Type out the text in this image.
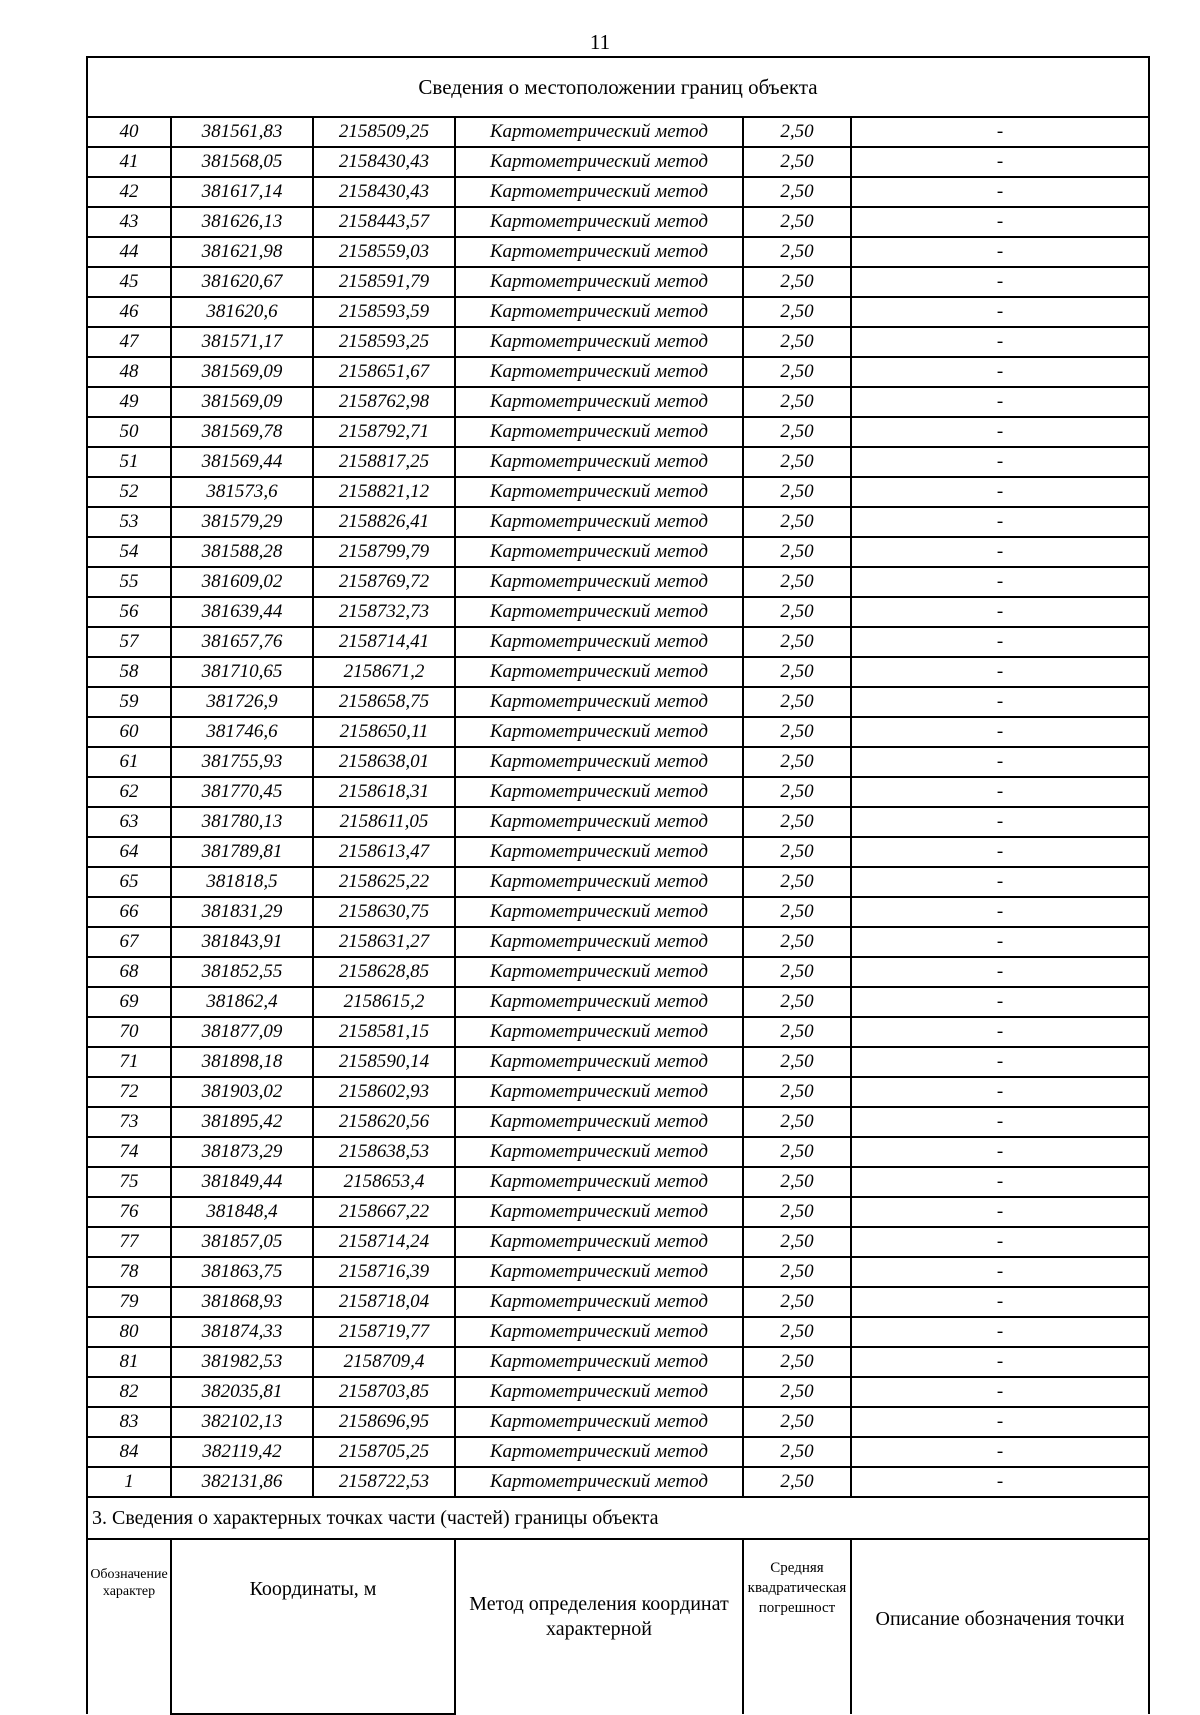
11
Сведения о местоположении границ объекта					
40	381561,83	2158509,25	Картометрический метод	2,50	-
41	381568,05	2158430,43	Картометрический метод	2,50	-
42	381617,14	2158430,43	Картометрический метод	2,50	-
43	381626,13	2158443,57	Картометрический метод	2,50	-
44	381621,98	2158559,03	Картометрический метод	2,50	-
45	381620,67	2158591,79	Картометрический метод	2,50	-
46	381620,6	2158593,59	Картометрический метод	2,50	-
47	381571,17	2158593,25	Картометрический метод	2,50	-
48	381569,09	2158651,67	Картометрический метод	2,50	-
49	381569,09	2158762,98	Картометрический метод	2,50	-
50	381569,78	2158792,71	Картометрический метод	2,50	-
51	381569,44	2158817,25	Картометрический метод	2,50	-
52	381573,6	2158821,12	Картометрический метод	2,50	-
53	381579,29	2158826,41	Картометрический метод	2,50	-
54	381588,28	2158799,79	Картометрический метод	2,50	-
55	381609,02	2158769,72	Картометрический метод	2,50	-
56	381639,44	2158732,73	Картометрический метод	2,50	-
57	381657,76	2158714,41	Картометрический метод	2,50	-
58	381710,65	2158671,2	Картометрический метод	2,50	-
59	381726,9	2158658,75	Картометрический метод	2,50	-
60	381746,6	2158650,11	Картометрический метод	2,50	-
61	381755,93	2158638,01	Картометрический метод	2,50	-
62	381770,45	2158618,31	Картометрический метод	2,50	-
63	381780,13	2158611,05	Картометрический метод	2,50	-
64	381789,81	2158613,47	Картометрический метод	2,50	-
65	381818,5	2158625,22	Картометрический метод	2,50	-
66	381831,29	2158630,75	Картометрический метод	2,50	-
67	381843,91	2158631,27	Картометрический метод	2,50	-
68	381852,55	2158628,85	Картометрический метод	2,50	-
69	381862,4	2158615,2	Картометрический метод	2,50	-
70	381877,09	2158581,15	Картометрический метод	2,50	-
71	381898,18	2158590,14	Картометрический метод	2,50	-
72	381903,02	2158602,93	Картометрический метод	2,50	-
73	381895,42	2158620,56	Картометрический метод	2,50	-
74	381873,29	2158638,53	Картометрический метод	2,50	-
75	381849,44	2158653,4	Картометрический метод	2,50	-
76	381848,4	2158667,22	Картометрический метод	2,50	-
77	381857,05	2158714,24	Картометрический метод	2,50	-
78	381863,75	2158716,39	Картометрический метод	2,50	-
79	381868,93	2158718,04	Картометрический метод	2,50	-
80	381874,33	2158719,77	Картометрический метод	2,50	-
81	381982,53	2158709,4	Картометрический метод	2,50	-
82	382035,81	2158703,85	Картометрический метод	2,50	-
83	382102,13	2158696,95	Картометрический метод	2,50	-
84	382119,42	2158705,25	Картометрический метод	2,50	-
1	382131,86	2158722,53	Картометрический метод	2,50	-
3. Сведения о характерных точках части (частей) границы объекта					
Обозначение характер	Координаты, м		Метод определения координат характерной	Средняя квадратическая погрешност	Описание обозначения точки
